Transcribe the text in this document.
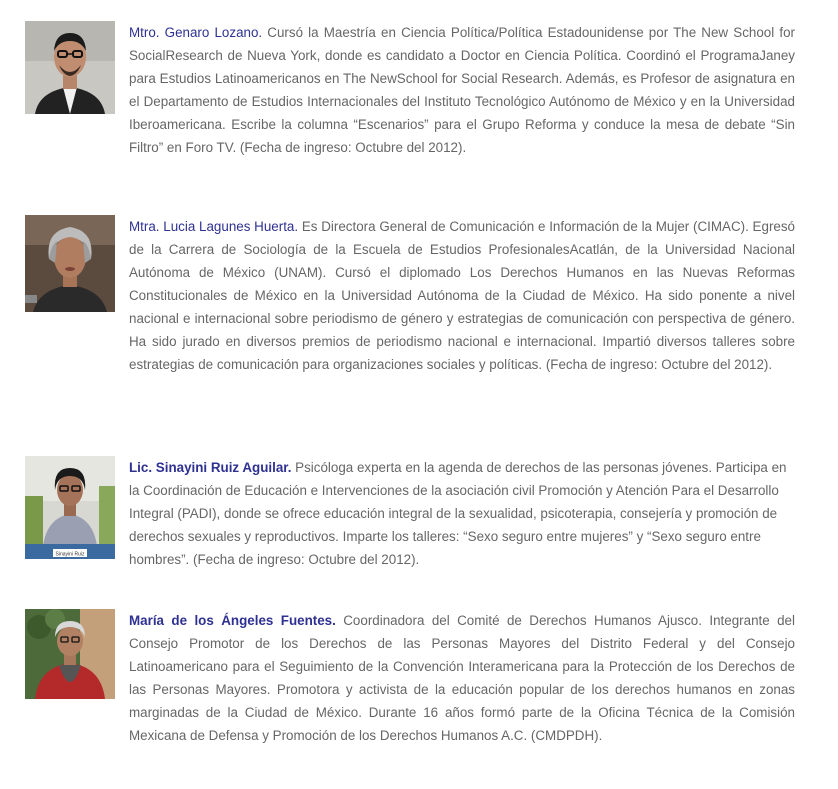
Mtro. Genaro Lozano. Cursó la Maestría en Ciencia Política/Política Estadounidense por The New School for SocialResearch de Nueva York, donde es candidato a Doctor en Ciencia Política. Coordinó el ProgramaJaney para Estudios Latinoamericanos en The NewSchool for Social Research. Además, es Profesor de asignatura en el Departamento de Estudios Internacionales del Instituto Tecnológico Autónomo de México y en la Universidad Iberoamericana. Escribe la columna “Escenarios” para el Grupo Reforma y conduce la mesa de debate “Sin Filtro” en Foro TV. (Fecha de ingreso: Octubre del 2012).

Mtra. Lucia Lagunes Huerta. Es Directora General de Comunicación e Información de la Mujer (CIMAC). Egresó de la Carrera de Sociología de la Escuela de Estudios ProfesionalesAcatlán, de la Universidad Nacional Autónoma de México (UNAM). Cursó el diplomado Los Derechos Humanos en las Nuevas Reformas Constitucionales de México en la Universidad Autónoma de la Ciudad de México. Ha sido ponente a nivel nacional e internacional sobre periodismo de género y estrategias de comunicación con perspectiva de género. Ha sido jurado en diversos premios de periodismo nacional e internacional. Impartió diversos talleres sobre estrategias de comunicación para organizaciones sociales y políticas. (Fecha de ingreso: Octubre del 2012).

Sinayini Ruiz

Lic. Sinayini Ruiz Aguilar. Psicóloga experta en la agenda de derechos de las personas jóvenes. Participa en la Coordinación de Educación e Intervenciones de la asociación civil Promoción y Atención Para el Desarrollo Integral (PADI), donde se ofrece educación integral de la sexualidad, psicoterapia, consejería y promoción de derechos sexuales y reproductivos. Imparte los talleres: “Sexo seguro entre mujeres” y “Sexo seguro entre hombres”. (Fecha de ingreso: Octubre del 2012).

María de los Ángeles Fuentes. Coordinadora del Comité de Derechos Humanos Ajusco. Integrante del Consejo Promotor de los Derechos de las Personas Mayores del Distrito Federal y del Consejo Latinoamericano para el Seguimiento de la Convención Interamericana para la Protección de los Derechos de las Personas Mayores. Promotora y activista de la educación popular de los derechos humanos en zonas marginadas de la Ciudad de México. Durante 16 años formó parte de la Oficina Técnica de la Comisión Mexicana de Defensa y Promoción de los Derechos Humanos A.C. (CMDPDH).
